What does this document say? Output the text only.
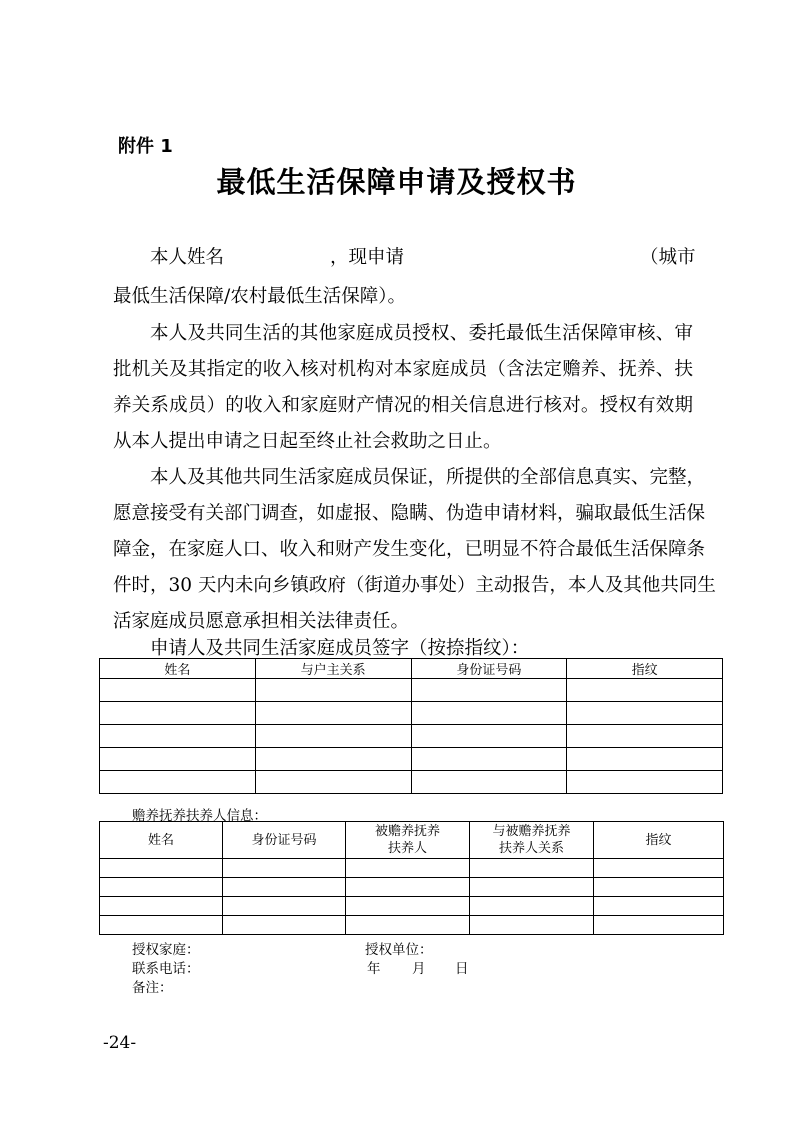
附件 1
最低生活保障申请及授权书
本人姓名	，现申请	（城市
最低生活保障/农村最低生活保障）。
本人及共同生活的其他家庭成员授权、委托最低生活保障审核、审
批机关及其指定的收入核对机构对本家庭成员（含法定赡养、抚养、扶
养关系成员）的收入和家庭财产情况的相关信息进行核对。授权有效期
从本人提出申请之日起至终止社会救助之日止。
本人及其他共同生活家庭成员保证，所提供的全部信息真实、完整，
愿意接受有关部门调查，如虚报、隐瞒、伪造申请材料，骗取最低生活保
障金，在家庭人口、收入和财产发生变化，已明显不符合最低生活保障条
件时，30 天内未向乡镇政府（街道办事处）主动报告，本人及其他共同生
活家庭成员愿意承担相关法律责任。
申请人及共同生活家庭成员签字（按捺指纹）：
姓名	与户主关系	身份证号码	指纹

赡养抚养扶养人信息：
姓名	身份证号码	被赡养抚养
扶养人	与被赡养抚养
扶养人关系	指纹

授权家庭：	授权单位：
联系电话：	年 月 日
备注：
-24-
